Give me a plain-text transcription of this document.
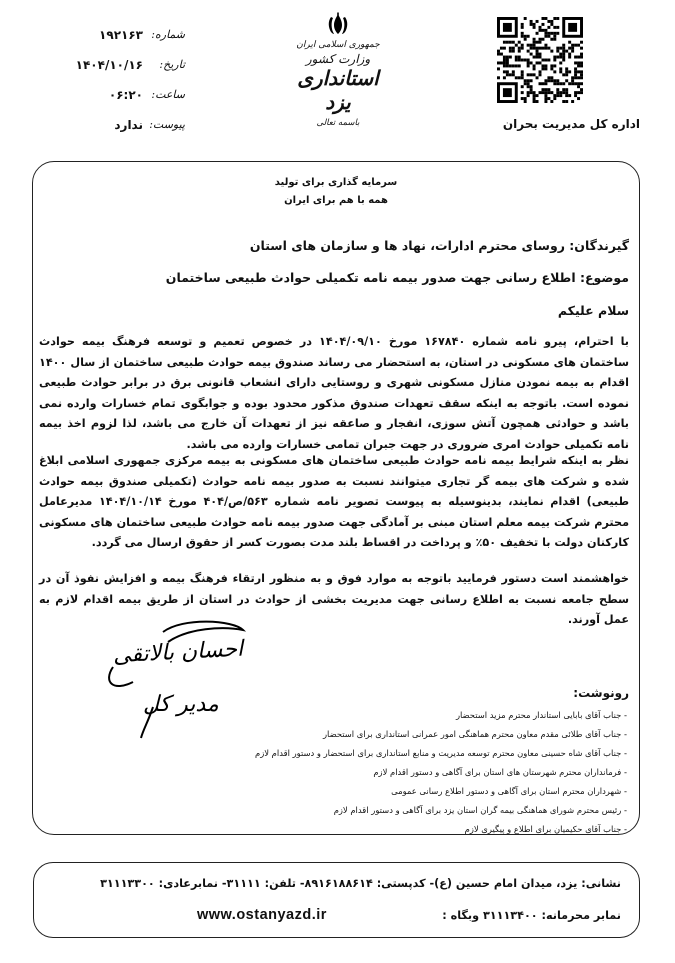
شماره:
۱۹۲۱۶۳
تاریخ:
۱۴۰۴/۱۰/۱۶
ساعت:
۰۶:۲۰
پیوست:
ندارد
جمهوری اسلامی ایران
وزارت کشور
استانداری یزد
باسمه تعالی	اداره کل مدیریت بحران
سرمایه گذاری برای تولید
همه با هم برای ایران
گیرندگان: روسای محترم ادارات، نهاد ها و سازمان های استان
موضوع: اطلاع رسانی جهت صدور بیمه نامه تکمیلی حوادث طبیعی ساختمان
سلام علیکم
با احترام، پیرو نامه شماره ۱۶۷۸۴۰ مورخ ۱۴۰۴/۰۹/۱۰ در خصوص تعمیم و توسعه فرهنگ بیمه حوادث ساختمان های مسکونی در استان، به استحضار می رساند صندوق بیمه حوادث طبیعی ساختمان از سال ۱۴۰۰ اقدام به بیمه نمودن منازل مسکونی شهری و روستایی دارای انشعاب قانونی برق در برابر حوادث طبیعی نموده است. باتوجه به اینکه سقف تعهدات صندوق مذکور محدود بوده و جوابگوی تمام خسارات وارده نمی باشد و حوادثی همچون آتش سوزی، انفجار و صاعقه نیز از تعهدات آن خارج می باشد، لذا لزوم اخذ بیمه نامه تکمیلی حوادث امری ضروری در جهت جبران تمامی خسارات وارده می باشد.
نظر به اینکه شرایط بیمه نامه حوادث طبیعی ساختمان های مسکونی به بیمه مرکزی جمهوری اسلامی ابلاغ شده و شرکت های بیمه گر تجاری میتوانند نسبت به صدور بیمه نامه حوادث (تکمیلی صندوق بیمه حوادث طبیعی) اقدام نمایند، بدینوسیله به پیوست تصویر نامه شماره ۵۶۳/ص/۴۰۴ مورخ ۱۴۰۴/۱۰/۱۴ مدیرعامل محترم شرکت بیمه معلم استان مبنی بر آمادگی جهت صدور بیمه نامه حوادث طبیعی ساختمان های مسکونی کارکنان دولت با تخفیف ۵۰٪ و پرداخت در اقساط بلند مدت بصورت کسر از حقوق ارسال می گردد.
خواهشمند است دستور فرمایید باتوجه به موارد فوق و به منظور ارتقاء فرهنگ بیمه و افزایش نفوذ آن در سطح جامعه نسبت به اطلاع رسانی جهت مدیریت بخشی از حوادث در استان از طریق بیمه اقدام لازم به عمل آورند.
احسان بالاتقی
مدیر کل	رونوشت:
- جناب آقای بابایی استاندار محترم مزید استحضار
- جناب آقای طلائی مقدم معاون محترم هماهنگی امور عمرانی استانداری برای استحضار
- جناب آقای شاه حسینی معاون محترم توسعه مدیریت و منابع استانداری برای استحضار و دستور اقدام لازم
- فرمانداران محترم شهرستان های استان برای آگاهی و دستور اقدام لازم
- شهرداران محترم استان برای آگاهی و دستور اطلاع رسانی عمومی
- رئیس محترم شورای هماهنگی بیمه گران استان یزد برای آگاهی و دستور اقدام لازم
- جناب آقای حکیمیان برای اطلاع و پیگیری لازم
نشانی: یزد، میدان امام حسین (ع)- کدپستی: ۸۹۱۶۱۸۸۶۱۴- تلفن: ۳۱۱۱۱- نمابرعادی: ۳۱۱۱۳۳۰۰
نمابر محرمانه: ۳۱۱۱۳۴۰۰ وبگاه :
www.ostanyazd.ir
